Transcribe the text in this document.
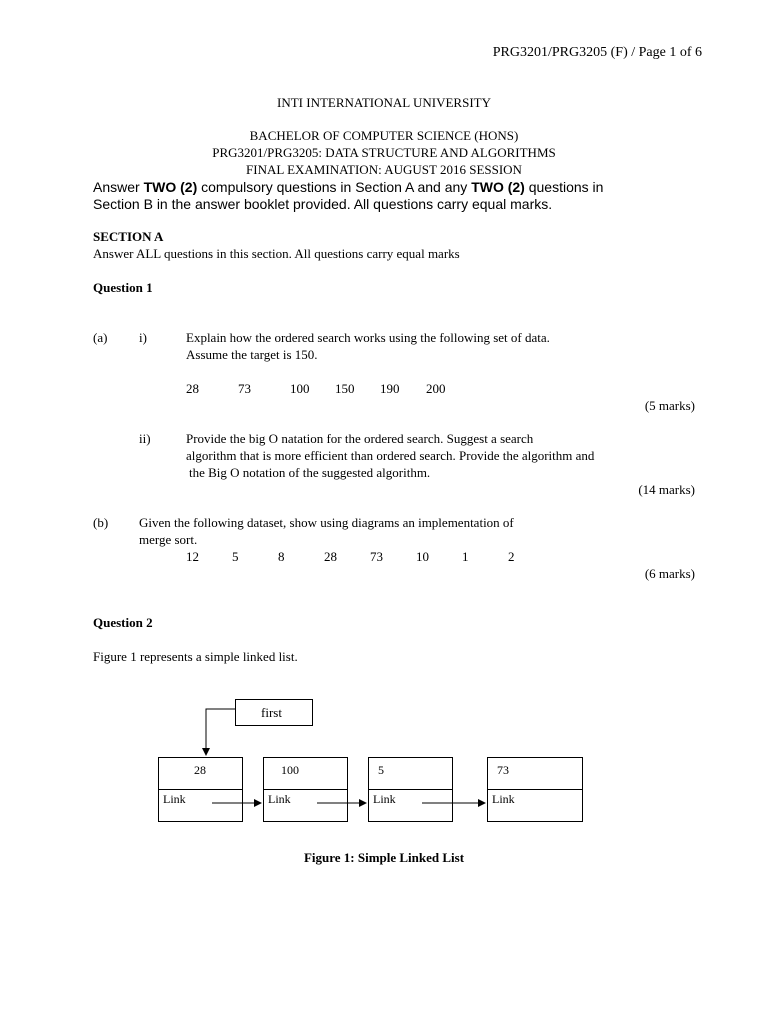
PRG3201/PRG3205 (F) / Page 1 of 6
INTI INTERNATIONAL UNIVERSITY
BACHELOR OF COMPUTER SCIENCE (HONS)
PRG3201/PRG3205: DATA STRUCTURE AND ALGORITHMS
FINAL EXAMINATION: AUGUST 2016 SESSION
Answer TWO (2) compulsory questions in Section A and any TWO (2) questions in
Section B in the answer booklet provided. All questions carry equal marks.
SECTION A
Answer ALL questions in this section. All questions carry equal marks
Question 1
(a) i)	Explain how the ordered search works using the following set of data.
Assume the target is 150.
28	73	100 150 190 200
(5 marks)
ii)	Provide the big O natation for the ordered search. Suggest a search
algorithm that is more efficient than ordered search. Provide the algorithm and
the Big O notation of the suggested algorithm.
(14 marks)
(b) Given the following dataset, show using diagrams an implementation of
merge sort.
12	5	8	28	73	10	1	2
(6 marks)
Question 2
Figure 1 represents a simple linked list.
first
28
Link
100
Link
5
Link
73
Link
Figure 1: Simple Linked List
